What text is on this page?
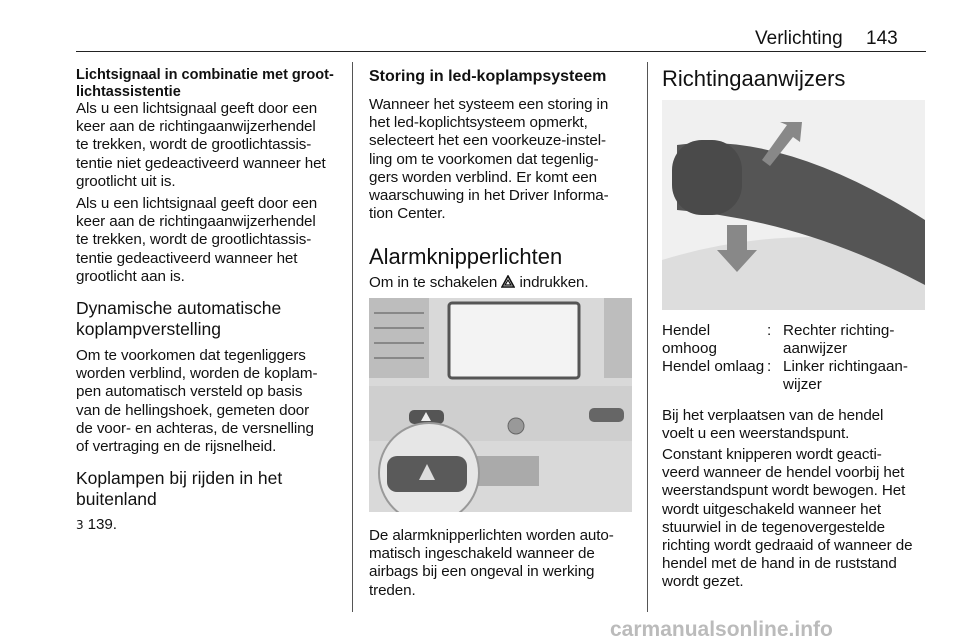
Verlichting 143
Lichtsignaal in combinatie met groot-
lichtassistentie
Als u een lichtsignaal geeft door een
keer aan de richtingaanwijzerhendel
te trekken, wordt de grootlichtassis-
tentie niet gedeactiveerd wanneer het
grootlicht uit is.
Als u een lichtsignaal geeft door een
keer aan de richtingaanwijzerhendel
te trekken, wordt de grootlichtassis-
tentie gedeactiveerd wanneer het
grootlicht aan is.
Dynamische automatische
koplampverstelling
Om te voorkomen dat tegenliggers
worden verblind, worden de koplam-
pen automatisch versteld op basis
van de hellingshoek, gemeten door
de voor- en achteras, de versnelling
of vertraging en de rijsnelheid.
Koplampen bij rijden in het
buitenland
3 139.
Storing in led-koplampsysteem
Wanneer het systeem een storing in
het led-koplichtsysteem opmerkt,
selecteert het een voorkeuze-instel-
ling om te voorkomen dat tegenlig-
gers worden verblind. Er komt een
waarschuwing in het Driver Informa-
tion Center.
Alarmknipperlichten
Om in te schakelen  indrukken.
De alarmknipperlichten worden auto-
matisch ingeschakeld wanneer de
airbags bij een ongeval in werking
treden.
Richtingaanwijzers
Hendel
omhoog
: Rechter richting-
aanwijzer
Hendel omlaag : Linker richtingaan-
wijzer
Bij het verplaatsen van de hendel
voelt u een weerstandspunt.
Constant knipperen wordt geacti-
veerd wanneer de hendel voorbij het
weerstandspunt wordt bewogen. Het
wordt uitgeschakeld wanneer het
stuurwiel in de tegenovergestelde
richting wordt gedraaid of wanneer de
hendel met de hand in de ruststand
wordt gezet.
carmanualsonline.info
